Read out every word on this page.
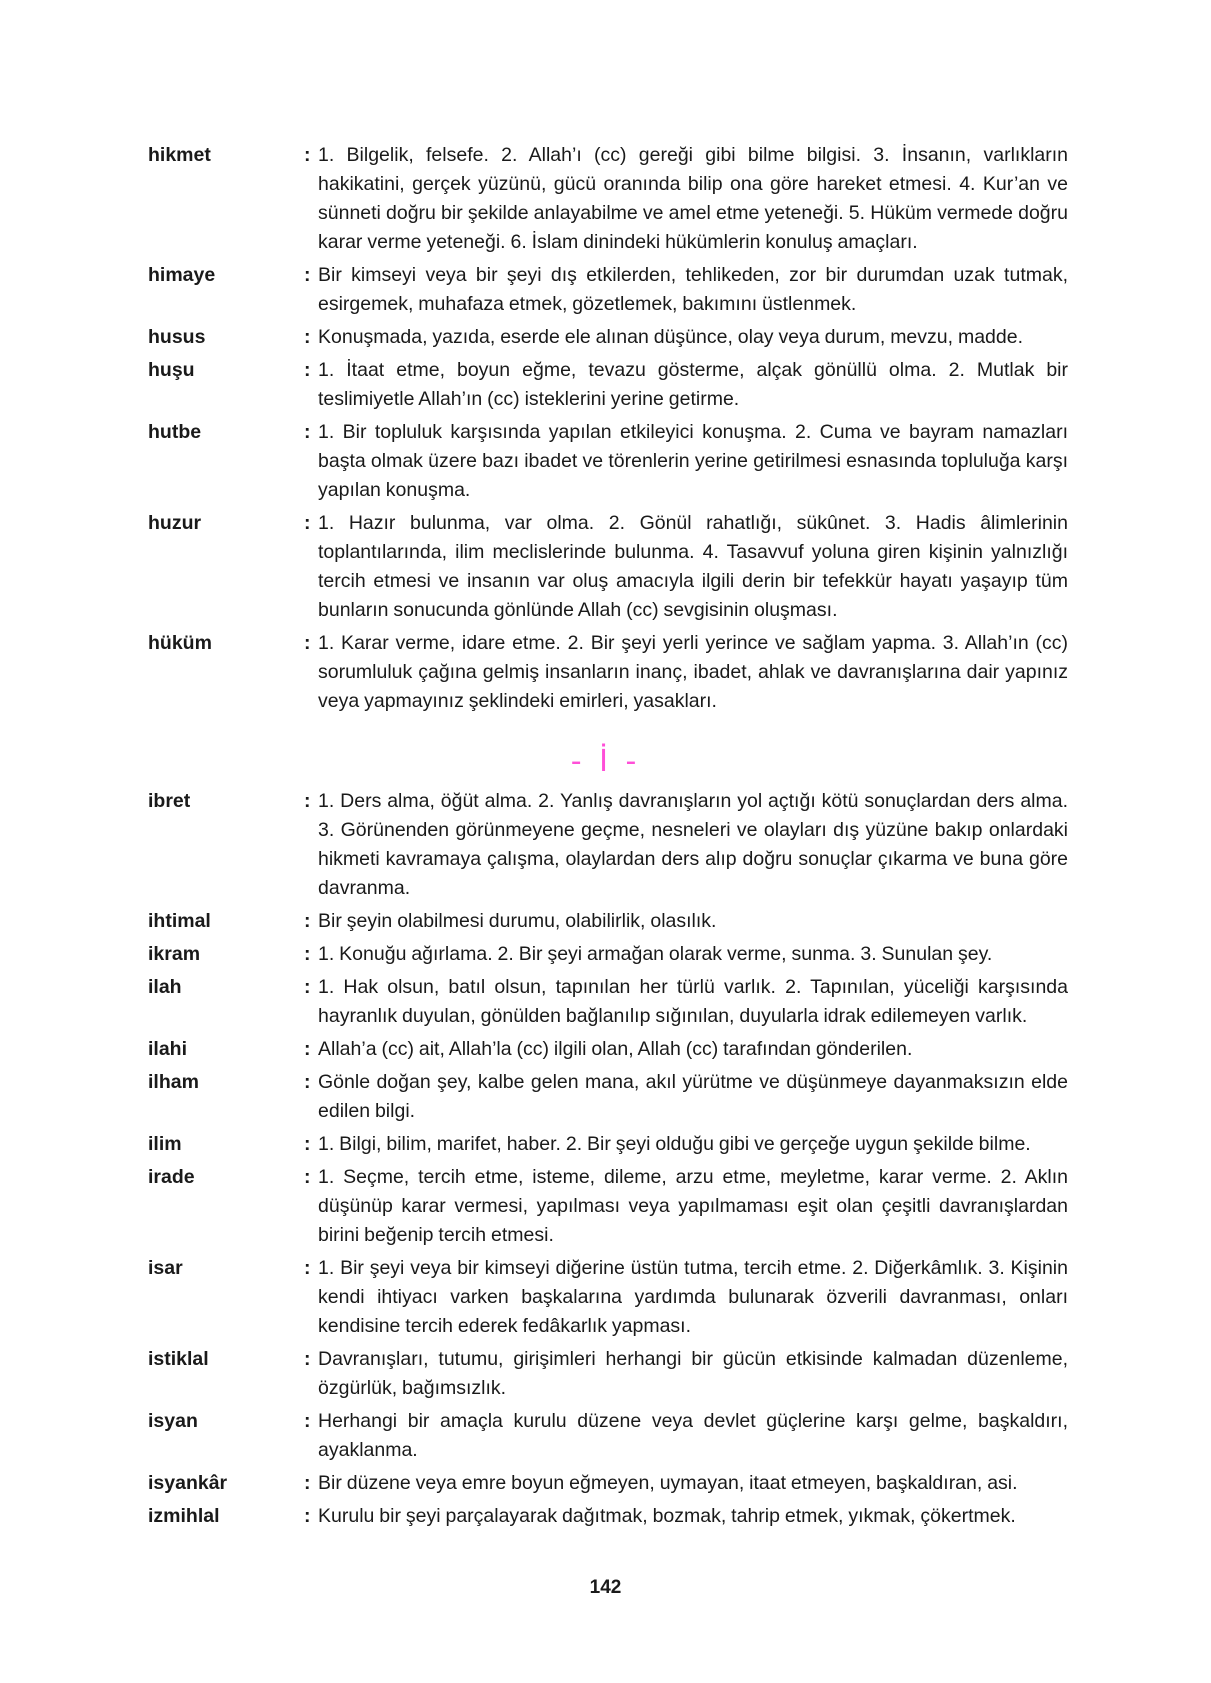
hikmet	: 1. Bilgelik, felsefe. 2. Allah’ı (cc) gereği gibi bilme bilgisi. 3. İnsanın, varlıkların hakikatini, gerçek yüzünü, gücü oranında bilip ona göre hareket etmesi. 4. Kur’an ve sünneti doğru bir şekilde anlayabilme ve amel etme yeteneği. 5. Hüküm vermede doğru karar verme yeteneği. 6. İslam dinindeki hükümlerin konuluş amaçları.
himaye	: Bir kimseyi veya bir şeyi dış etkilerden, tehlikeden, zor bir durumdan uzak tutmak, esirgemek, muhafaza etmek, gözetlemek, bakımını üstlenmek.
husus	: Konuşmada, yazıda, eserde ele alınan düşünce, olay veya durum, mevzu, madde.
huşu	: 1. İtaat etme, boyun eğme, tevazu gösterme, alçak gönüllü olma. 2. Mutlak bir teslimiyetle Allah’ın (cc) isteklerini yerine getirme.
hutbe	: 1. Bir topluluk karşısında yapılan etkileyici konuşma. 2. Cuma ve bayram namazları başta olmak üzere bazı ibadet ve törenlerin yerine getirilmesi esnasında topluluğa karşı yapılan konuşma.
huzur	: 1. Hazır bulunma, var olma. 2. Gönül rahatlığı, sükûnet. 3. Hadis âlimlerinin toplantılarında, ilim meclislerinde bulunma. 4. Tasavvuf yoluna giren kişinin yalnızlığı tercih etmesi ve insanın var oluş amacıyla ilgili derin bir tefekkür hayatı yaşayıp tüm bunların sonucunda gönlünde Allah (cc) sevgisinin oluşması.
hüküm	: 1. Karar verme, idare etme. 2. Bir şeyi yerli yerince ve sağlam yapma. 3. Allah’ın (cc) sorumluluk çağına gelmiş insanların inanç, ibadet, ahlak ve davranışlarına dair yapınız veya yapmayınız şeklindeki emirleri, yasakları.
- İ -
ibret	: 1. Ders alma, öğüt alma. 2. Yanlış davranışların yol açtığı kötü sonuçlardan ders alma. 3. Görünenden görünmeyene geçme, nesneleri ve olayları dış yüzüne bakıp onlardaki hikmeti kavramaya çalışma, olaylardan ders alıp doğru sonuçlar çıkarma ve buna göre davranma.
ihtimal	: Bir şeyin olabilmesi durumu, olabilirlik, olasılık.
ikram	: 1. Konuğu ağırlama. 2. Bir şeyi armağan olarak verme, sunma. 3. Sunulan şey.
ilah	: 1. Hak olsun, batıl olsun, tapınılan her türlü varlık. 2. Tapınılan, yüceliği karşısında hayranlık duyulan, gönülden bağlanılıp sığınılan, duyularla idrak edilemeyen varlık.
ilahi	: Allah’a (cc) ait, Allah’la (cc) ilgili olan, Allah (cc) tarafından gönderilen.
ilham	: Gönle doğan şey, kalbe gelen mana, akıl yürütme ve düşünmeye dayanmaksızın elde edilen bilgi.
ilim	: 1. Bilgi, bilim, marifet, haber. 2. Bir şeyi olduğu gibi ve gerçeğe uygun şekilde bilme.
irade	: 1. Seçme, tercih etme, isteme, dileme, arzu etme, meyletme, karar verme. 2. Aklın düşünüp karar vermesi, yapılması veya yapılmaması eşit olan çeşitli davranışlardan birini beğenip tercih etmesi.
isar	: 1. Bir şeyi veya bir kimseyi diğerine üstün tutma, tercih etme. 2. Diğerkâmlık. 3. Kişinin kendi ihtiyacı varken başkalarına yardımda bulunarak özverili davranması, onları kendisine tercih ederek fedâkarlık yapması.
istiklal	: Davranışları, tutumu, girişimleri herhangi bir gücün etkisinde kalmadan düzenleme, özgürlük, bağımsızlık.
isyan	: Herhangi bir amaçla kurulu düzene veya devlet güçlerine karşı gelme, başkaldırı, ayaklanma.
isyankâr	: Bir düzene veya emre boyun eğmeyen, uymayan, itaat etmeyen, başkaldıran, asi.
izmihlal	: Kurulu bir şeyi parçalayarak dağıtmak, bozmak, tahrip etmek, yıkmak, çökertmek.
142
